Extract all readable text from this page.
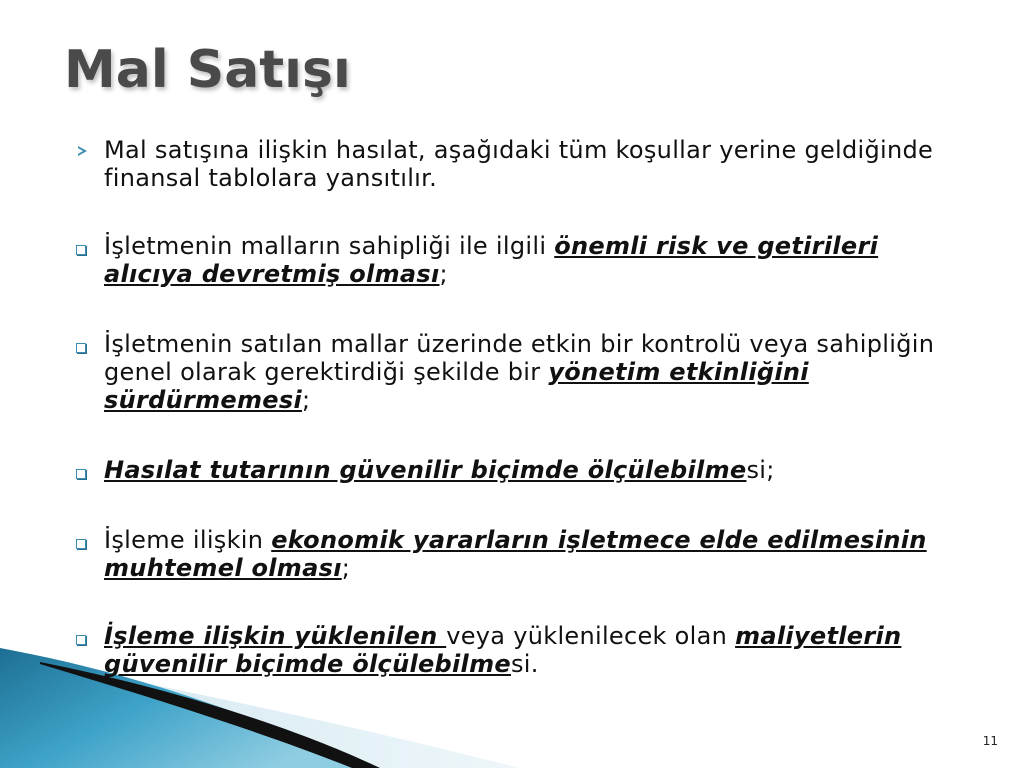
Mal Satışı
Mal satışına ilişkin hasılat, aşağıdaki tüm koşullar yerine geldiğinde finansal tablolara yansıtılır.
İşletmenin malların sahipliği ile ilgili önemli risk ve getirileri alıcıya devretmiş olması;
İşletmenin satılan mallar üzerinde etkin bir kontrolü veya sahipliğin genel olarak gerektirdiği şekilde bir yönetim etkinliğini sürdürmemesi;
Hasılat tutarının güvenilir biçimde ölçülebilmesi;
İşleme ilişkin ekonomik yararların işletmece elde edilmesinin muhtemel olması;
İşleme ilişkin yüklenilen veya yüklenilecek olan maliyetlerin güvenilir biçimde ölçülebilmesi.
11
